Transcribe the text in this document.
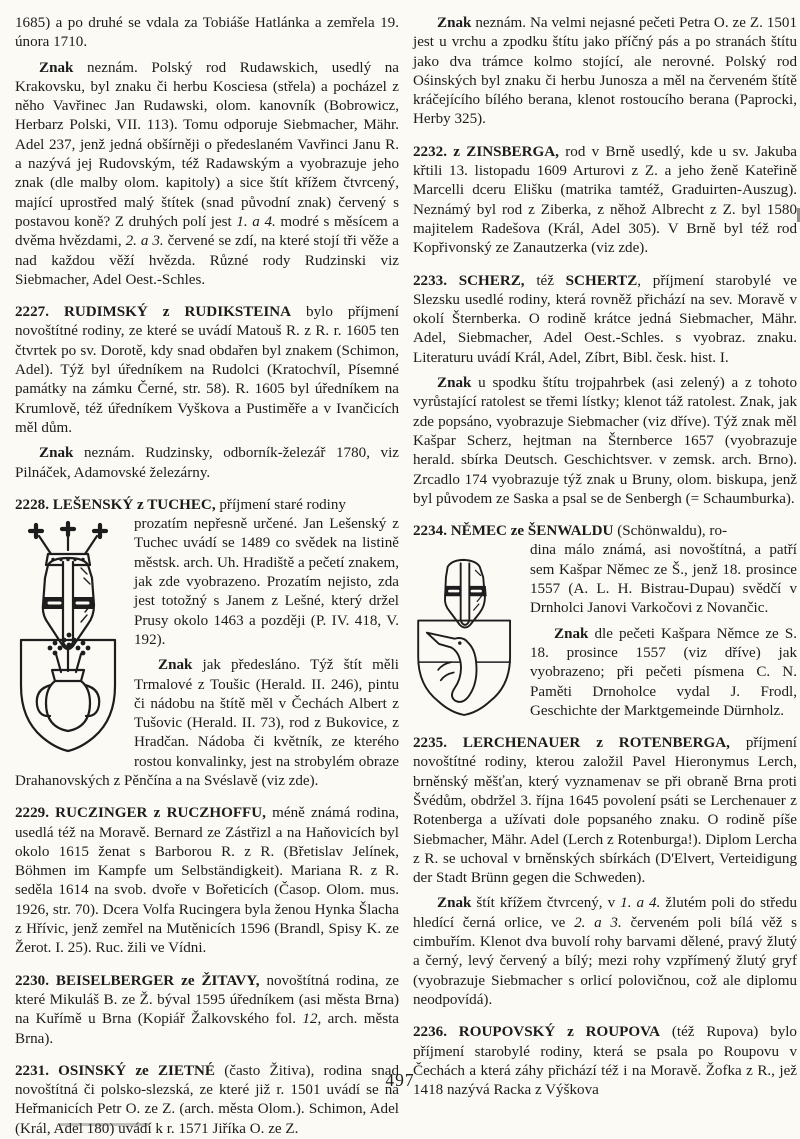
1685) a po druhé se vdala za Tobiáše Hatlánka a zemřela 19. února 1710.
Znak neznám. Polský rod Rudawskich, usedlý na Krakovsku, byl znaku či herbu Kosciesa (střela) a pocházel z něho Vavřinec Jan Rudawski, olom. kanovník (Bobrowicz, Herbarz Polski, VII. 113). Tomu odporuje Siebmacher, Mähr. Adel 237, jenž jedná obšírněji o předeslaném Vavřinci Janu R. a nazývá jej Rudovským, též Radawským a vyobrazuje jeho znak (dle malby olom. kapitoly) a sice štít křížem čtvrcený, mající uprostřed malý štítek (snad původní znak) červený s postavou koně? Z druhých polí jest 1. a 4. modré s měsícem a dvěma hvězdami, 2. a 3. červené se zdí, na které stojí tři věže a nad každou věží hvězda. Různé rody Rudzinski viz Siebmacher, Adel Oest.-Schles.
2227. RUDIMSKÝ z RUDIKSTEINA bylo příjmení novoštítné rodiny, ze které se uvádí Matouš R. z R. r. 1605 ten čtvrtek po sv. Dorotě, kdy snad obdařen byl znakem (Schimon, Adel). Týž byl úředníkem na Rudolci (Kratochvíl, Písemné památky na zámku Černé, str. 58). R. 1605 byl úředníkem na Krumlově, též úředníkem Vyškova a Pustiměře a v Ivančicích měl dům.
Znak neznám. Rudzinsky, odborník-železář 1780, viz Pilnáček, Adamovské železárny.
2228. LEŠENSKÝ z TUCHEC, příjmení staré rodiny
prozatím nepřesně určené. Jan Lešenský z Tuchec uvádí se 1489 co svědek na listině městsk. arch. Uh. Hradiště a pečetí znakem, jak zde vyobrazeno. Prozatím nejisto, zda jest totožný s Janem z Lešné, který držel Prusy okolo 1463 a později (P. IV. 418, V. 192).
Znak jak předesláno. Týž štít měli Trmalové z Toušic (Herald. II. 246), pintu či nádobu na štítě měl v Čechách Albert z Tušovic (Herald. II. 73), rod z Bukovice, z Hradčan. Nádoba či květník, ze kterého rostou konvalinky, jest na strobylém obraze Drahanovských z Pěnčína a na Svéslavě (viz zde).
2229. RUCZINGER z RUCZHOFFU, méně známá rodina, usedlá též na Moravě. Bernard ze Zástřizl a na Haňovicích byl okolo 1615 ženat s Barborou R. z R. (Břetislav Jelínek, Böhmen im Kampfe um Selbständigkeit). Mariana R. z R. seděla 1614 na svob. dvoře v Bořeticích (Časop. Olom. mus. 1926, str. 70). Dcera Volfa Rucingera byla ženou Hynka Šlacha z Hřívic, jenž zemřel na Mutěnicích 1596 (Brandl, Spisy K. ze Žerot. I. 25). Ruc. žili ve Vídni.
2230. BEISELBERGER ze ŽITAVY, novoštítná rodina, ze které Mikuláš B. ze Ž. býval 1595 úředníkem (asi města Brna) na Kuřímě u Brna (Kopiář Žalkovského fol. 12, arch. města Brna).
2231. OSINSKÝ ze ZIETNÉ (často Žitiva), rodina snad novoštítná či polsko-slezská, ze které již r. 1501 uvádí se na Heřmanicích Petr O. ze Z. (arch. města Olom.). Schimon, Adel (Král, Adel 180) uvádí k r. 1571 Jiříka O. ze Z.
Znak neznám. Na velmi nejasné pečeti Petra O. ze Z. 1501 jest u vrchu a zpodku štítu jako příčný pás a po stranách štítu jako dva trámce kolmo stojící, ale nerovné. Polský rod Ośinských byl znaku či herbu Junosza a měl na červeném štítě kráčejícího bílého berana, klenot rostoucího berana (Paprocki, Herby 325).
2232. z ZINSBERGA, rod v Brně usedlý, kde u sv. Jakuba křtili 13. listopadu 1609 Arturovi z Z. a jeho ženě Kateřině Marcelli dceru Elišku (matrika tamtéž, Graduirten-Auszug). Neznámý byl rod z Ziberka, z něhož Albrecht z Z. byl 1580 majitelem Radešova (Král, Adel 305). V Brně byl též rod Kopřivonský ze Zanautzerka (viz zde).
2233. SCHERZ, též SCHERTZ, příjmení starobylé ve Slezsku usedlé rodiny, která rovněž přichází na sev. Moravě v okolí Šternberka. O rodině krátce jedná Siebmacher, Mähr. Adel, Siebmacher, Adel Oest.-Schles. s vyobraz. znaku. Literaturu uvádí Král, Adel, Zíbrt, Bibl. česk. hist. I.
Znak u spodku štítu trojpahrbek (asi zelený) a z tohoto vyrůstající ratolest se třemi lístky; klenot táž ratolest. Znak, jak zde popsáno, vyobrazuje Siebmacher (viz dříve). Týž znak měl Kašpar Scherz, hejtman na Šternberce 1657 (vyobrazuje herald. sbírka Deutsch. Geschichtsver. v zemsk. arch. Brno). Zrcadlo 174 vyobrazuje týž znak u Bruny, olom. biskupa, jenž byl původem ze Saska a psal se de Senbergh (= Schaumburka).
2234. NĚMEC ze ŠENWALDU (Schönwaldu), ro-
dina málo známá, asi novoštítná, a patří sem Kašpar Němec ze Š., jenž 18. prosince 1557 (A. L. H. Bistrau-Dupau) svědčí v Drnholci Janovi Varkočovi z Novančic.
Znak dle pečeti Kašpara Němce ze S. 18. prosince 1557 (viz dříve) jak vyobrazeno; při pečeti písmena C. N. Paměti Drnoholce vydal J. Frodl, Geschichte der Marktgemeinde Dürnholz.
2235. LERCHENAUER z ROTENBERGA, příjmení novoštítné rodiny, kterou založil Pavel Hieronymus Lerch, brněnský měšťan, který vyznamenav se při obraně Brna proti Švédům, obdržel 3. října 1645 povolení psáti se Lerchenauer z Rotenberga a užívati dole popsaného znaku. O rodině píše Siebmacher, Mähr. Adel (Lerch z Rotenburga!). Diplom Lercha z R. se uchoval v brněnských sbírkách (D'Elvert, Verteidigung der Stadt Brünn gegen die Schweden).
Znak štít křížem čtvrcený, v 1. a 4. žlutém poli do středu hledící černá orlice, ve 2. a 3. červeném poli bílá věž s cimbuřím. Klenot dva buvolí rohy barvami dělené, pravý žlutý a černý, levý červený a bílý; mezi rohy vzpřímený žlutý gryf (vyobrazuje Siebmacher s orlicí polovičnou, což ale diplomu neodpovídá).
2236. ROUPOVSKÝ z ROUPOVA (též Rupova) bylo příjmení starobylé rodiny, která se psala po Roupovu v Čechách a která záhy přichází též i na Moravě. Žofka z R., jež 1418 nazývá Racka z Výškova
497
